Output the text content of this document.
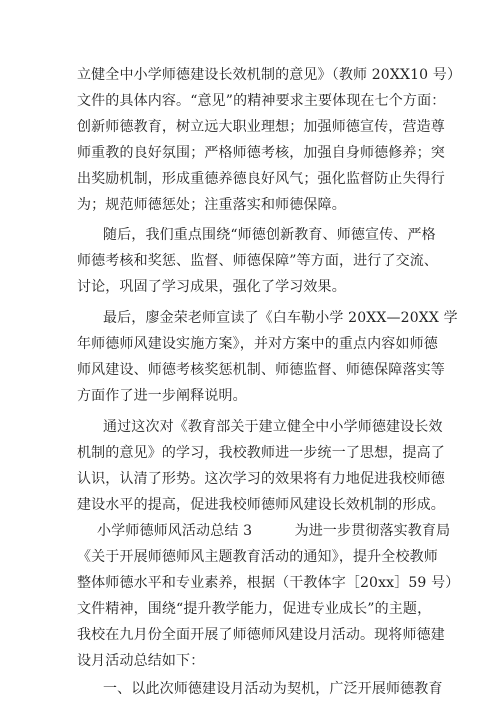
立健全中小学师德建设长效机制的意见》（教师 20XX10 号）
文件的具体内容。“意见”的精神要求主要体现在七个方面：
创新师德教育，树立远大职业理想；加强师德宣传，营造尊
师重教的良好氛围；严格师德考核，加强自身师德修养；突
出奖励机制，形成重德养德良好风气；强化监督防止失得行
为；规范师德惩处；注重落实和师德保障。
随后，我们重点围绕“师德创新教育、师德宣传、严格
师德考核和奖惩、监督、师德保障”等方面，进行了交流、
讨论，巩固了学习成果，强化了学习效果。
最后，廖金荣老师宣读了《白车勒小学 20XX—20XX 学
年师德师风建设实施方案》，并对方案中的重点内容如师德
师风建设、师德考核奖惩机制、师德监督、师德保障落实等
方面作了进一步阐释说明。
通过这次对《教育部关于建立健全中小学师德建设长效
机制的意见》的学习，我校教师进一步统一了思想，提高了
认识，认清了形势。这次学习的效果将有力地促进我校师德
建设水平的提高，促进我校师德师风建设长效机制的形成。
小学师德师风活动总结 3　　　为进一步贯彻落实教育局
《关于开展师德师风主题教育活动的通知》，提升全校教师
整体师德水平和专业素养，根据（干教体字［20xx］59 号）
文件精神，围绕“提升教学能力，促进专业成长”的主题，
我校在九月份全面开展了师德师风建设月活动。现将师德建
设月活动总结如下：
一、以此次师德建设月活动为契机，广泛开展师德教育
